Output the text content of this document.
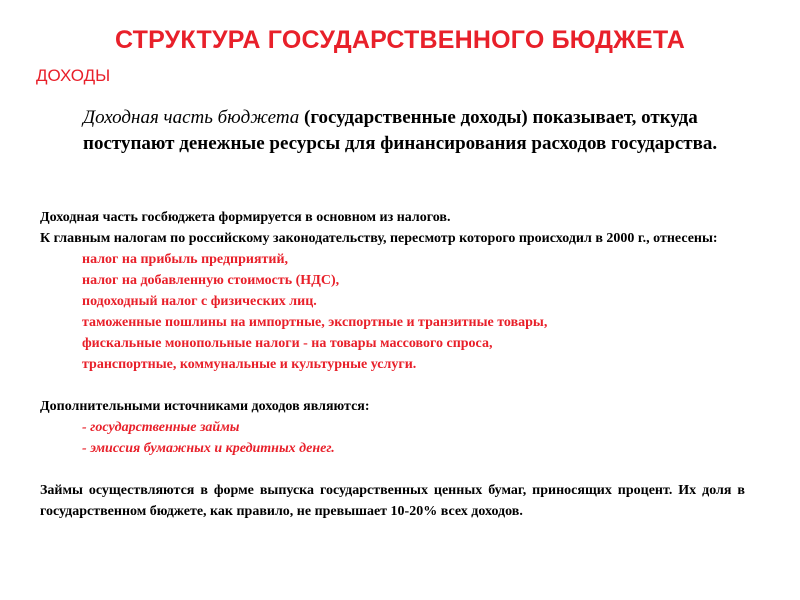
СТРУКТУРА ГОСУДАРСТВЕННОГО БЮДЖЕТА
ДОХОДЫ
Доходная часть бюджета (государственные доходы) показывает, откуда поступают денежные ресурсы для финансирования расходов государства.

Доходная часть госбюджета формируется в основном из налогов.

К главным налогам по российскому законодательству, пересмотр которого происходил в 2000 г., отнесены:

налог на прибыль предприятий,

налог на добавленную стоимость (НДС),

подоходный налог с физических лиц.

таможенные пошлины на импортные, экспортные и транзитные товары,

фискальные монопольные налоги - на товары массового спроса,

транспортные, коммунальные и культурные услуги.

Дополнительными источниками доходов являются:

- государственные займы

- эмиссия бумажных и кредитных денег.

Займы осуществляются в форме выпуска государственных ценных бумаг, приносящих процент. Их доля в государственном бюджете, как правило, не превышает 10-20% всех доходов.
